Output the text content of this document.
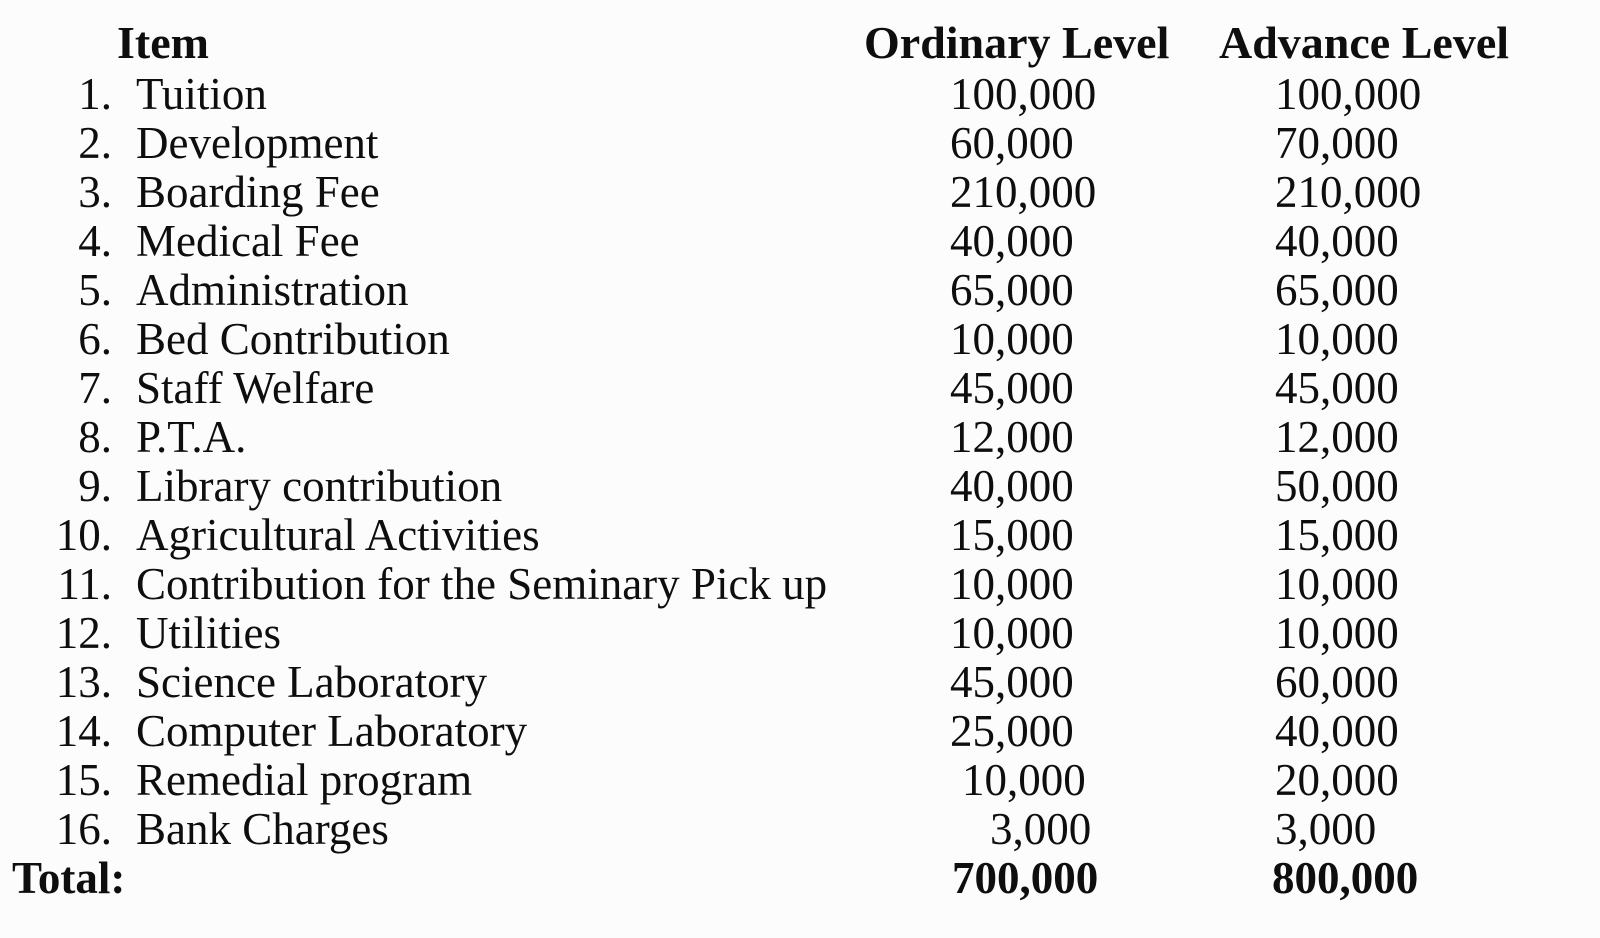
Item	Ordinary Level Advance Level
1. Tuition	100,000	100,000
2. Development	60,000	70,000
3. Boarding Fee	210,000	210,000
4. Medical Fee	40,000	40,000
5. Administration	65,000	65,000
6. Bed Contribution	10,000	10,000
7. Staff Welfare	45,000	45,000
8. P.T.A.	12,000	12,000
9. Library contribution	40,000	50,000
10. Agricultural Activities	15,000	15,000
11. Contribution for the Seminary Pick up	10,000	10,000
12. Utilities	10,000	10,000
13. Science Laboratory	45,000	60,000
14. Computer Laboratory	25,000	40,000
15. Remedial program	10,000	20,000
16. Bank Charges	3,000	3,000
Total:	700,000	800,000
